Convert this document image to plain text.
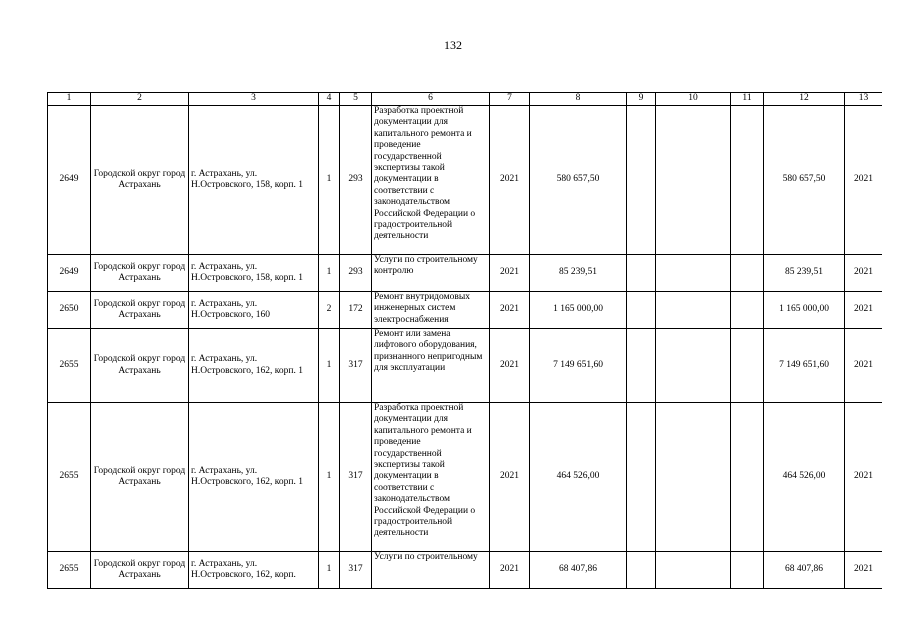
132
1	2	3	4	5	6	7	8	9	10	11	12	13
2649	Городской округ город Астрахань	г. Астрахань, ул. Н.Островского, 158, корп. 1	1	293	Разработка проектной документации для капитального ремонта и проведение государственной экспертизы такой документации в соответствии с законодательством Российской Федерации о градостроительной деятельности	2021	580 657,50				580 657,50	2021
2649	Городской округ город Астрахань	г. Астрахань, ул. Н.Островского, 158, корп. 1	1	293	Услуги по строительному контролю	2021	85 239,51				85 239,51	2021
2650	Городской округ город Астрахань	г. Астрахань, ул. Н.Островского, 160	2	172	Ремонт внутридомовых инженерных систем электроснабжения	2021	1 165 000,00				1 165 000,00	2021
2655	Городской округ город Астрахань	г. Астрахань, ул. Н.Островского, 162, корп. 1	1	317	Ремонт или замена лифтового оборудования, признанного непригодным для эксплуатации	2021	7 149 651,60				7 149 651,60	2021
2655	Городской округ город Астрахань	г. Астрахань, ул. Н.Островского, 162, корп. 1	1	317	Разработка проектной документации для капитального ремонта и проведение государственной экспертизы такой документации в соответствии с законодательством Российской Федерации о градостроительной деятельности	2021	464 526,00				464 526,00	2021
2655	Городской округ город Астрахань	г. Астрахань, ул. Н.Островского, 162, корп.	1	317	Услуги по строительному	2021	68 407,86				68 407,86	2021
